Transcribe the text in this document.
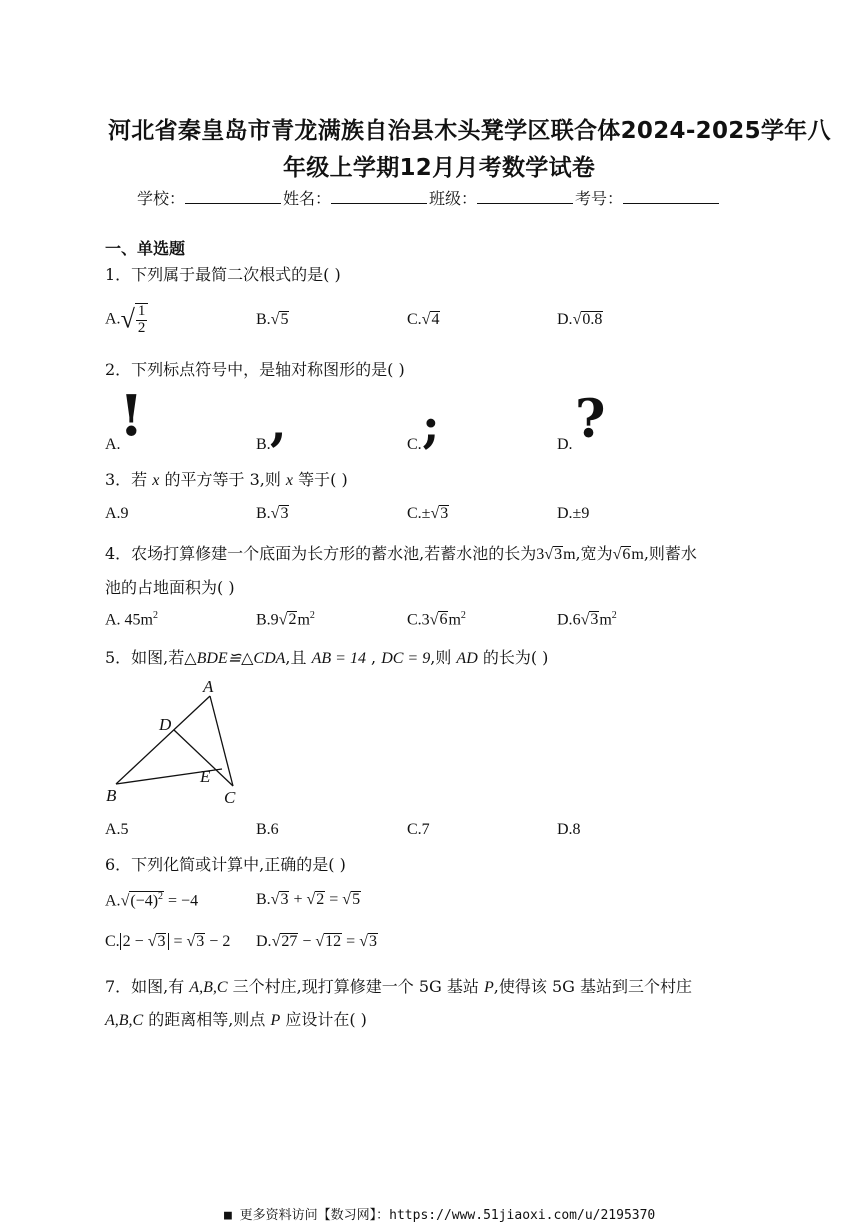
河北省秦皇岛市青龙满族自治县木头凳学区联合体2024-2025学年八
年级上学期12月月考数学试卷
学校：	姓名：	班级：	考号：
一、单选题
1．下列属于最简二次根式的是( )
$A.√ \frac{1}{2}$	B.√5	C.√4	D.√0.8
2．下列标点符号中，是轴对称图形的是( )
A.
!	B. ,	C. ;	D. ?
3．若 x 的平方等于 3,则 x 等于( )
A.9	B.√3	C.±√3	D.±9
4．农场打算修建一个底面为长方形的蓄水池,若蓄水池的长为3√3m,宽为√6m,则蓄水
池的占地面积为( )
A. $45m^2$	$B.9√2m^2$	$C.3√6m^2$	$D.6√3m^2$
5．如图,若△BDE≌△CDA,且 AB = 14 , DC = 9,则 AD 的长为( )
A
D
E
B	C
A.5	B.6	C.7	D.8
6．下列化简或计算中,正确的是( )
$A.√(-4)^2 = -4$	B.√3 + √2 = √5
C. 2 − √3 = √3 − 2 D.√27 − √12 = √3
7．如图,有 A,B,C 三个村庄,现打算修建一个 5G 基站 P,使得该 5G 基站到三个村庄
A,B,C 的距离相等,则点 P 应设计在( )
■ 更多资料访问【数习网】：https://www.51jiaoxi.com/u/2195370
